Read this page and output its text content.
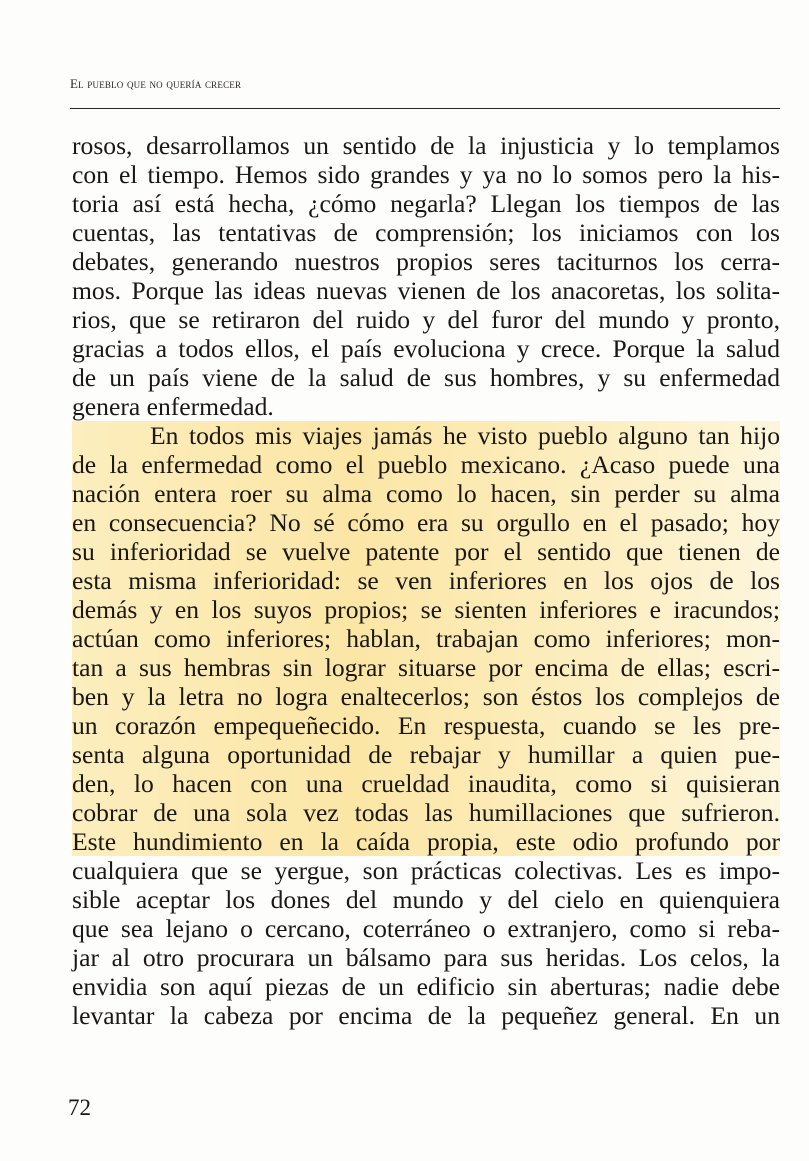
El pueblo que no quería crecer
rosos, desarrollamos un sentido de la injusticia y lo templamos
con el tiempo. Hemos sido grandes y ya no lo somos pero la his-
toria así está hecha, ¿cómo negarla? Llegan los tiempos de las
cuentas, las tentativas de comprensión; los iniciamos con los
debates, generando nuestros propios seres taciturnos los cerra-
mos. Porque las ideas nuevas vienen de los anacoretas, los solita-
rios, que se retiraron del ruido y del furor del mundo y pronto,
gracias a todos ellos, el país evoluciona y crece. Porque la salud
de un país viene de la salud de sus hombres, y su enfermedad
genera enfermedad.
En todos mis viajes jamás he visto pueblo alguno tan hijo
de la enfermedad como el pueblo mexicano. ¿Acaso puede una
nación entera roer su alma como lo hacen, sin perder su alma
en consecuencia? No sé cómo era su orgullo en el pasado; hoy
su inferioridad se vuelve patente por el sentido que tienen de
esta misma inferioridad: se ven inferiores en los ojos de los
demás y en los suyos propios; se sienten inferiores e iracundos;
actúan como inferiores; hablan, trabajan como inferiores; mon-
tan a sus hembras sin lograr situarse por encima de ellas; escri-
ben y la letra no logra enaltecerlos; son éstos los complejos de
un corazón empequeñecido. En respuesta, cuando se les pre-
senta alguna oportunidad de rebajar y humillar a quien pue-
den, lo hacen con una crueldad inaudita, como si quisieran
cobrar de una sola vez todas las humillaciones que sufrieron.
Este hundimiento en la caída propia, este odio profundo por
cualquiera que se yergue, son prácticas colectivas. Les es impo-
sible aceptar los dones del mundo y del cielo en quienquiera
que sea lejano o cercano, coterráneo o extranjero, como si reba-
jar al otro procurara un bálsamo para sus heridas. Los celos, la
envidia son aquí piezas de un edificio sin aberturas; nadie debe
levantar la cabeza por encima de la pequeñez general. En un
72
